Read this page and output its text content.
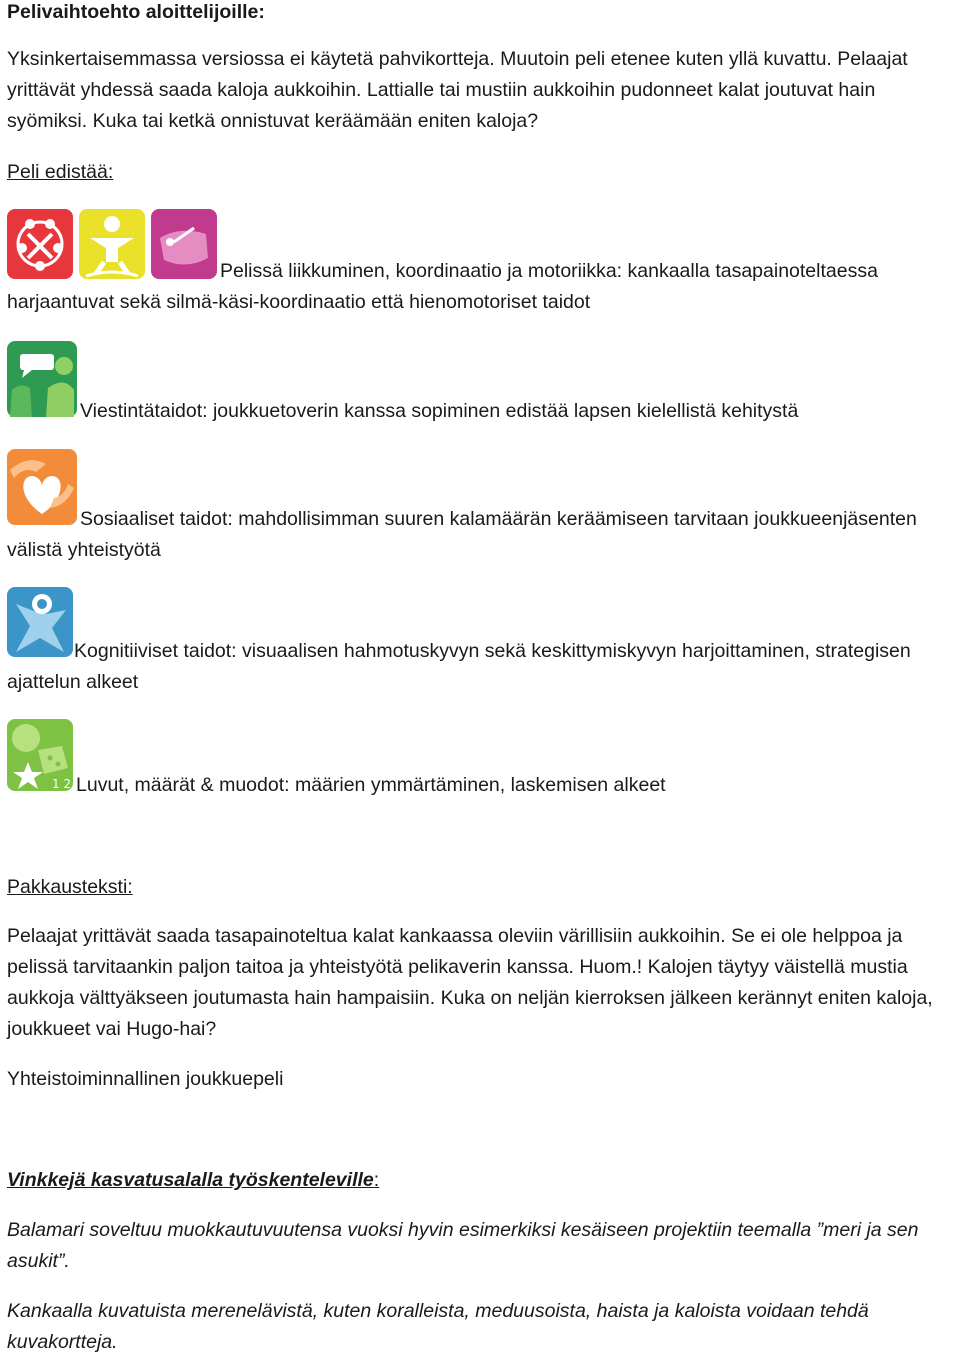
Pelivaihtoehto aloittelijoille:

Yksinkertaisemmassa versiossa ei käytetä pahvikortteja. Muutoin peli etenee kuten yllä kuvattu. Pelaajat yrittävät yhdessä saada kaloja aukkoihin. Lattialle tai mustiin aukkoihin pudonneet kalat joutuvat hain syömiksi. Kuka tai ketkä onnistuvat keräämään eniten kaloja?

Peli edistää:

Pelissä liikkuminen, koordinaatio ja motoriikka: kankaalla tasapainoteltaessa harjaantuvat sekä silmä-käsi-koordinaatio että hienomotoriset taidot

Viestintätaidot: joukkuetoverin kanssa sopiminen edistää lapsen kielellistä kehitystä

Sosiaaliset taidot: mahdollisimman suuren kalamäärän keräämiseen tarvitaan joukkueenjäsenten välistä yhteistyötä

Kognitiiviset taidot: visuaalisen hahmotuskyvyn sekä keskittymiskyvyn harjoittaminen, strategisen ajattelun alkeet

1 2 3

Luvut, määrät & muodot: määrien ymmärtäminen, laskemisen alkeet

Pakkausteksti:

Pelaajat yrittävät saada tasapainoteltua kalat kankaassa oleviin värillisiin aukkoihin. Se ei ole helppoa ja pelissä tarvitaankin paljon taitoa ja yhteistyötä pelikaverin kanssa. Huom.! Kalojen täytyy väistellä mustia aukkoja välttyäkseen joutumasta hain hampaisiin. Kuka on neljän kierroksen jälkeen kerännyt eniten kaloja, joukkueet vai Hugo-hai?

Yhteistoiminnallinen joukkuepeli

Vinkkejä kasvatusalalla työskenteleville:

Balamari soveltuu muokkautuvuutensa vuoksi hyvin esimerkiksi kesäiseen projektiin teemalla ”meri ja sen asukit”.

Kankaalla kuvatuista merenelävistä, kuten koralleista, meduusoista, haista ja kaloista voidaan tehdä kuvakortteja.
